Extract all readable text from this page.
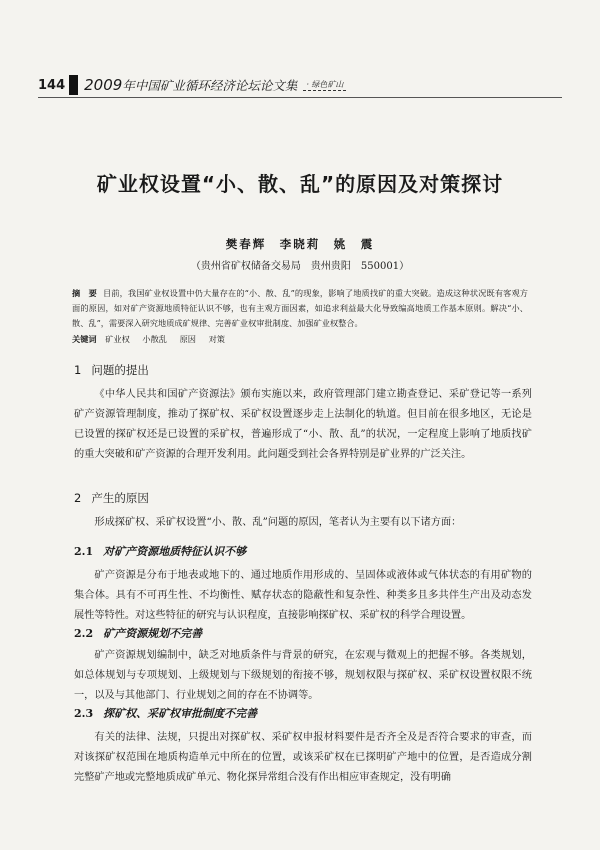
144 2009年中国矿业循环经济论坛论文集	· 绿色矿山
矿业权设置“小、散、乱”的原因及对策探讨
樊春辉　李晓莉　姚　震
（贵州省矿权储备交易局　贵州贵阳　550001）
摘　要 目前，我国矿业权设置中仍大量存在的“小、散、乱”的现象，影响了地质找矿的重大突破。造成这种状况既有客观方面的原因，如对矿产资源地质特征认识不够，也有主观方面因素，如追求利益最大化导致编高地质工作基本原则。解决“小、散、乱”，需要深入研究地质成矿规律、完善矿业权审批制度、加强矿业权整合。
关键词 矿业权 小散乱 原因 对策
1 问题的提出
《中华人民共和国矿产资源法》颁布实施以来，政府管理部门建立勘查登记、采矿登记等一系列矿产资源管理制度，推动了探矿权、采矿权设置逐步走上法制化的轨道。但目前在很多地区，无论是已设置的探矿权还是已设置的采矿权，普遍形成了“小、散、乱”的状况，一定程度上影响了地质找矿的重大突破和矿产资源的合理开发利用。此问题受到社会各界特别是矿业界的广泛关注。
2 产生的原因
形成探矿权、采矿权设置“小、散、乱”问题的原因，笔者认为主要有以下诸方面：
2.1 对矿产资源地质特征认识不够
矿产资源是分布于地表或地下的、通过地质作用形成的、呈固体或液体或气体状态的有用矿物的集合体。具有不可再生性、不均衡性、赋存状态的隐蔽性和复杂性、种类多且多共伴生产出及动态发展性等特性。对这些特征的研究与认识程度，直接影响探矿权、采矿权的科学合理设置。
2.2 矿产资源规划不完善
矿产资源规划编制中，缺乏对地质条件与背景的研究，在宏观与微观上的把握不够。各类规划，如总体规划与专项规划、上级规划与下级规划的衔接不够，规划权限与探矿权、采矿权设置权限不统一，以及与其他部门、行业规划之间的存在不协调等。
2.3 探矿权、采矿权审批制度不完善
有关的法律、法规，只提出对探矿权、采矿权申报材料要件是否齐全及是否符合要求的审查，而对该探矿权范围在地质构造单元中所在的位置，或该采矿权在已探明矿产地中的位置，是否造成分割完整矿产地或完整地质成矿单元、物化探异常组合没有作出相应审查规定，没有明确
